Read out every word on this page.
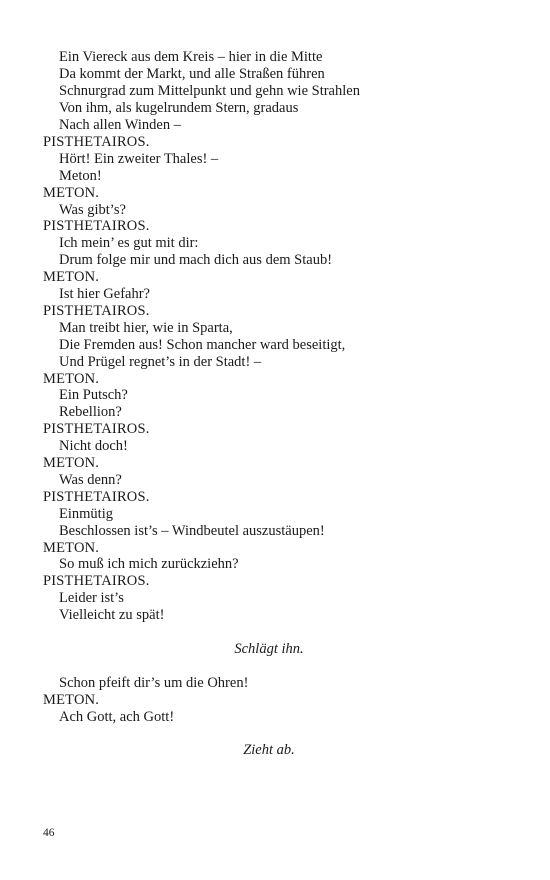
Ein Viereck aus dem Kreis – hier in die Mitte
Da kommt der Markt, und alle Straßen führen
Schnurgrad zum Mittelpunkt und gehn wie Strahlen
Von ihm, als kugelrundem Stern, gradaus
Nach allen Winden –
PISTHETAIROS.
Hört! Ein zweiter Thales! –
Meton!
METON.
Was gibt’s?
PISTHETAIROS.
Ich mein’ es gut mit dir:
Drum folge mir und mach dich aus dem Staub!
METON.
Ist hier Gefahr?
PISTHETAIROS.
Man treibt hier, wie in Sparta,
Die Fremden aus! Schon mancher ward beseitigt,
Und Prügel regnet’s in der Stadt! –
METON.
Ein Putsch?
Rebellion?
PISTHETAIROS.
Nicht doch!
METON.
Was denn?
PISTHETAIROS.
Einmütig
Beschlossen ist’s – Windbeutel auszustäupen!
METON.
So muß ich mich zurückziehn?
PISTHETAIROS.
Leider ist’s
Vielleicht zu spät!
Schlägt ihn.
Schon pfeift dir’s um die Ohren!
METON.
Ach Gott, ach Gott!
Zieht ab.
46
